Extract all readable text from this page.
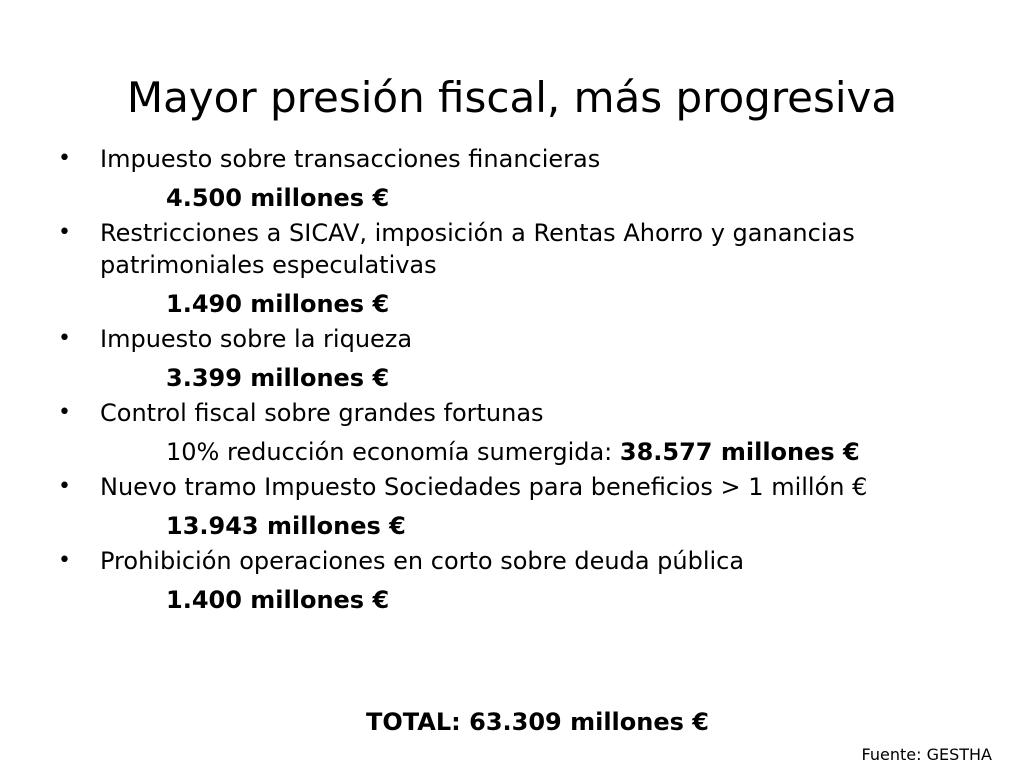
Mayor presión fiscal, más progresiva
• Impuesto sobre transacciones financieras
4.500 millones €
• Restricciones a SICAV, imposición a Rentas Ahorro y ganancias patrimoniales especulativas
1.490 millones €
• Impuesto sobre la riqueza
3.399 millones €
• Control fiscal sobre grandes fortunas
10% reducción economía sumergida: 38.577 millones €
• Nuevo tramo Impuesto Sociedades para beneficios > 1 millón €
13.943 millones €
• Prohibición operaciones en corto sobre deuda pública
1.400 millones €
TOTAL: 63.309 millones €
Fuente: GESTHA
